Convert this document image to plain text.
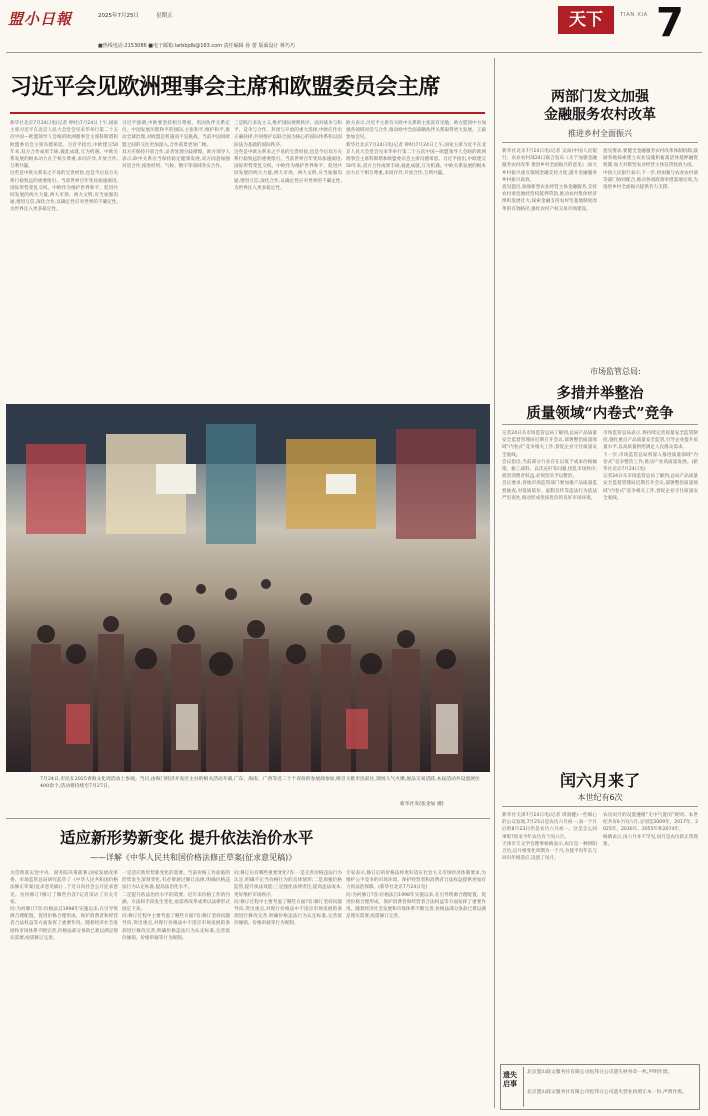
盟小日報	2025年7月25日	星期五
■热线电话:2153086 ■电子邮箱:larbbjdb@163.com 责任编辑 孙 蕾 版面设计 蒋巧巧
天下	TIAN XIA 7
习近平会见欧洲理事会主席和欧盟委员会主席
新华社北京7月24日电(记者 钟时)7月24日上午,国家主席习近平在北京人民大会堂会见来华举行第二十五次中国—欧盟领导人会晤的欧洲理事会主席科斯塔和欧盟委员会主席冯德莱恩。习近平指出,中欧建交50年来,双方合作成果丰硕,彼此成就,互为机遇。中欧关系发展的根本动力在于相互尊重,求同存异,开放合作,互利共赢。
这些是中欧关系来之不易的宝贵经验,也是今后双方关系行稳致远的重要指引。当前世界百年变局加速演进,国际形势变乱交织。中欧作为维护世界和平、促进共同发展的两大力量,两大市场、两大文明,应当加强沟通,增进互信,深化合作,以确定性应对世界的不确定性,为世界注入更多稳定性。
习近平强调,中欧要坚持相互尊重、巩固伙伴关系定位。中国发展历程和平的国际,主张和平,维护和平,推动全球治理,对欧盟是机遇而不是挑战。当前中国同欧盟之间的交往更加深入,合作前景更加广阔。
双方应保持开放合作,妥善处理分歧摩擦。欧方领导人表示,欧中关系应当保持稳定健康发展,双方同意加强对话合作,推进经贸、气候、数字等领域务实合作。
三是践行多边主义,维护国际规则秩序。面对战争与和平、竞争与合作、封闭与开放的重大选择,中欧应作出正确抉择,共同维护以联合国为核心的国际体系和以国际法为基础的国际秩序。
这些是中欧关系来之不易的宝贵经验,也是今后双方关系行稳致远的重要指引。当前世界百年变局加速演进,国际形势变乱交织。中欧作为维护世界和平、促进共同发展的两大力量,两大市场、两大文明,应当加强沟通,增进互信,深化合作,以确定性应对世界的不确定性,为世界注入更多稳定性。
欧方表示,习近平主席有关欧中关系的主张富有见地。欧方愿同中方加强各领域对话与合作,推动欧中全面战略伙伴关系取得更大发展。王毅参加会见。
新华社北京7月24日电(记者 钟时)7月24日上午,国家主席习近平在北京人民大会堂会见来华举行第二十五次中国—欧盟领导人会晤的欧洲理事会主席科斯塔和欧盟委员会主席冯德莱恩。习近平指出,中欧建交50年来,双方合作成果丰硕,彼此成就,互为机遇。中欧关系发展的根本动力在于相互尊重,求同存异,开放合作,互利共赢。
7月24日,市民在2025青海文化周活动上参观。当日,由海门经济开发区主办的相关活动开幕,广东、海南、广西等近二十个省份的参展商参加,吸引大批市民前往,现场人气火爆,展品交易活跃,本届活动共设置展位400余个,活动将持续至7月27日。
新华社发(张金加 摄)
适应新形势新变化 提升依法治价水平
——详解《中华人民共和国价格法修正草案(征求意见稿)》
为贯彻落实党中央、国务院决策部署,国家发展改革委、市场监管总局研究起草了《中华人民共和国价格法修正草案(征求意见稿)》,于近日向社会公开征求意见。为何修订?修订了哪些内容?记者采访了有关专家。
问:为何修订?答:价格法自1998年实施以来,在引导资源合理配置、促进价格合理形成、保护消费者和经营者合法权益等方面发挥了重要作用。随着经济社会发展和市场体系不断完善,价格法部分条款已难以满足现实需要,亟需修订完善。
一是适应新形势新变化的需要。当前价格工作面临的形势发生深刻变化,有必要通过修订法律,明确价格违法行为认定标准,提高法治化水平。
二是提升依法治价水平的需要。近年来价格工作的内涵、方法和手段发生变化,亟需将改革成果以法律形式固定下来。
问:修订过程中主要考虑了哪些方面?答:修订坚持问题导向,突出重点,对现行价格法中不适应市场发展的条款进行修改完善,明确价格违法行为认定标准,完善低价倾销、价格串通等行为规制。
问:修订后有哪些重要变化?答:一是完善价格违法行为认定,明确不正当价格行为的具体情形;二是加强价格监管,提升执法效能;三是强化法律责任,提高违法成本,更好维护市场秩序。
问:修订过程中主要考虑了哪些方面?答:修订坚持问题导向,突出重点,对现行价格法中不适应市场发展的条款进行修改完善,明确价格违法行为认定标准,完善低价倾销、价格串通等行为规制。
专家表示,修订后的价格法将更好适应社会主义市场经济体制要求,为维护公平竞争的市场环境、保护经营者和消费者合法权益提供更加有力的法治保障。(新华社北京7月24日电)
问:为何修订?答:价格法自1998年实施以来,在引导资源合理配置、促进价格合理形成、保护消费者和经营者合法权益等方面发挥了重要作用。随着经济社会发展和市场体系不断完善,价格法部分条款已难以满足现实需要,亟需修订完善。
两部门发文加强
金融服务农村改革
推进乡村全面振兴
新华社北京7月24日电(记者 吴雨)中国人民银行、农业农村部24日联合发布《关于加强金融服务农村改革 推进乡村全面振兴的意见》,加大乡村振兴重点领域金融支持力度,提升金融服务乡村振兴质效。
意见提出,加强新型农业经营主体金融服务,支持农村承包地经营权抵押贷款,推动农村集体经济组织发展壮大,探索金融支持农村宅基地制度改革的有效路径,强化农村产权交易市场建设。
意见要求,要健全金融服务农村改革体制机制,鼓励各地探索建立农业设施和畜禽活体抵押融资机制,加大对新型农业经营主体信贷投放力度。
中国人民银行表示,下一步,将加强与农业农村部等部门协同配合,推动各项政策举措落地见效,为推进乡村全面振兴提供有力支撑。
市场监管总局:
多措并举整治
质量领域“内卷式”竞争
记者24日从市场监管总局了解到,总局产品质量安全监督管理局近期召开会议,部署整治质量领域“内卷式”竞争相关工作,督促企业守住质量安全底线。
会议指出,当前部分行业存在以低于成本价格倾销、偷工减料、以次充好等问题,扰乱市场秩序,损害消费者权益,必须坚决予以整治。
会议要求,各地市场监管部门要加强产品质量监督抽查,对低质低价、虚假宣传等违法行为依法严厉查处,推动形成优质优价的良好市场环境。
市场监管总局表示,将持续完善质量安全监管制度,强化重点产品质量安全监管,引导企业提升质量水平,以高质量供给满足人民群众需求。
下一步,市场监管总局将深入推进质量领域“内卷式”竞争整治工作,推动产业高质量发展。(新华社北京7月24日电)
记者24日从市场监管总局了解到,总局产品质量安全监督管理局近期召开会议,部署整治质量领域“内卷式”竞争相关工作,督促企业守住质量安全底线。
闰六月来了
本世纪有6次
新华社天津7月24日电(记者 周润健)一些细心的公众发现,7月25日是农历六月初一,而一个月后的8月23日仍是农历六月初一。这是怎么回事呢?原来今年农历有个闰六月。
天津市天文学会理事杨婧表示,农历是一种阴阳合历,以月相变化周期为一个月,为使平均年长与回归年相适应,设置了闰月。
农历闰月的设置遵循“无中气置闰”规则。本世纪共有6个闰六月,分别是2009年、2017年、2025年、2036年、2055年和2074年。
杨婧表示,闰六月并不罕见,闰月是农历的正常现象。
遗失启事
北京盟山联文服务社有限公司松邦分公司遗失财务章一枚,声明作废。
北京盟山联文服务社有限公司松邦分公司遗失营业执照正本一份,声明作废。
